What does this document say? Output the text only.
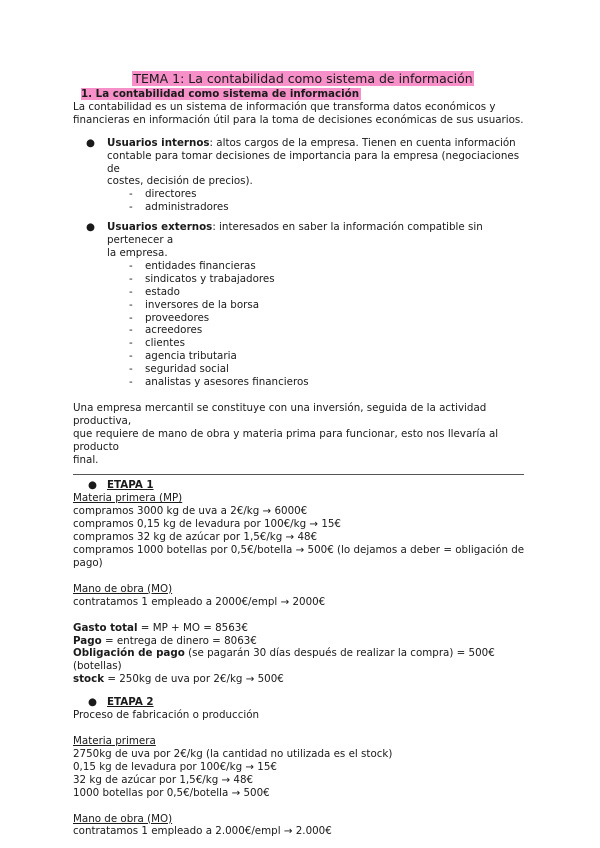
TEMA 1: La contabilidad como sistema de información
1. La contabilidad como sistema de información

La contabilidad es un sistema de información que transforma datos económicos y

financieras en información útil para la toma de decisiones económicas de sus usuarios.

● Usuarios internos: altos cargos de la empresa. Tienen en cuenta información
contable para tomar decisiones de importancia para la empresa (negociaciones de
costes, decisión de precios).
- directores
- administradores
● Usuarios externos: interesados en saber la información compatible sin pertenecer a
la empresa.
- entidades financieras
- sindicatos y trabajadores
- estado
- inversores de la borsa
- proveedores
- acreedores
- clientes
- agencia tributaria
- seguridad social
- analistas y asesores financieros

Una empresa mercantil se constituye con una inversión, seguida de la actividad productiva,

que requiere de mano de obra y materia prima para funcionar, esto nos llevaría al producto

final.

● ETAPA 1

Materia primera (MP)

compramos 3000 kg de uva a 2€/kg → 6000€

compramos 0,15 kg de levadura por 100€/kg → 15€

compramos 32 kg de azúcar por 1,5€/kg → 48€

compramos 1000 botellas por 0,5€/botella → 500€ (lo dejamos a deber = obligación de

pago)

Mano de obra (MO)

contratamos 1 empleado a 2000€/empl → 2000€

Gasto total = MP + MO = 8563€

Pago = entrega de dinero = 8063€

Obligación de pago (se pagarán 30 días después de realizar la compra) = 500€ (botellas)

stock = 250kg de uva por 2€/kg → 500€

● ETAPA 2

Proceso de fabricación o producción

Materia primera

2750kg de uva por 2€/kg (la cantidad no utilizada es el stock)

0,15 kg de levadura por 100€/kg → 15€

32 kg de azúcar por 1,5€/kg → 48€

1000 botellas por 0,5€/botella → 500€

Mano de obra (MO)

contratamos 1 empleado a 2.000€/empl → 2.000€
